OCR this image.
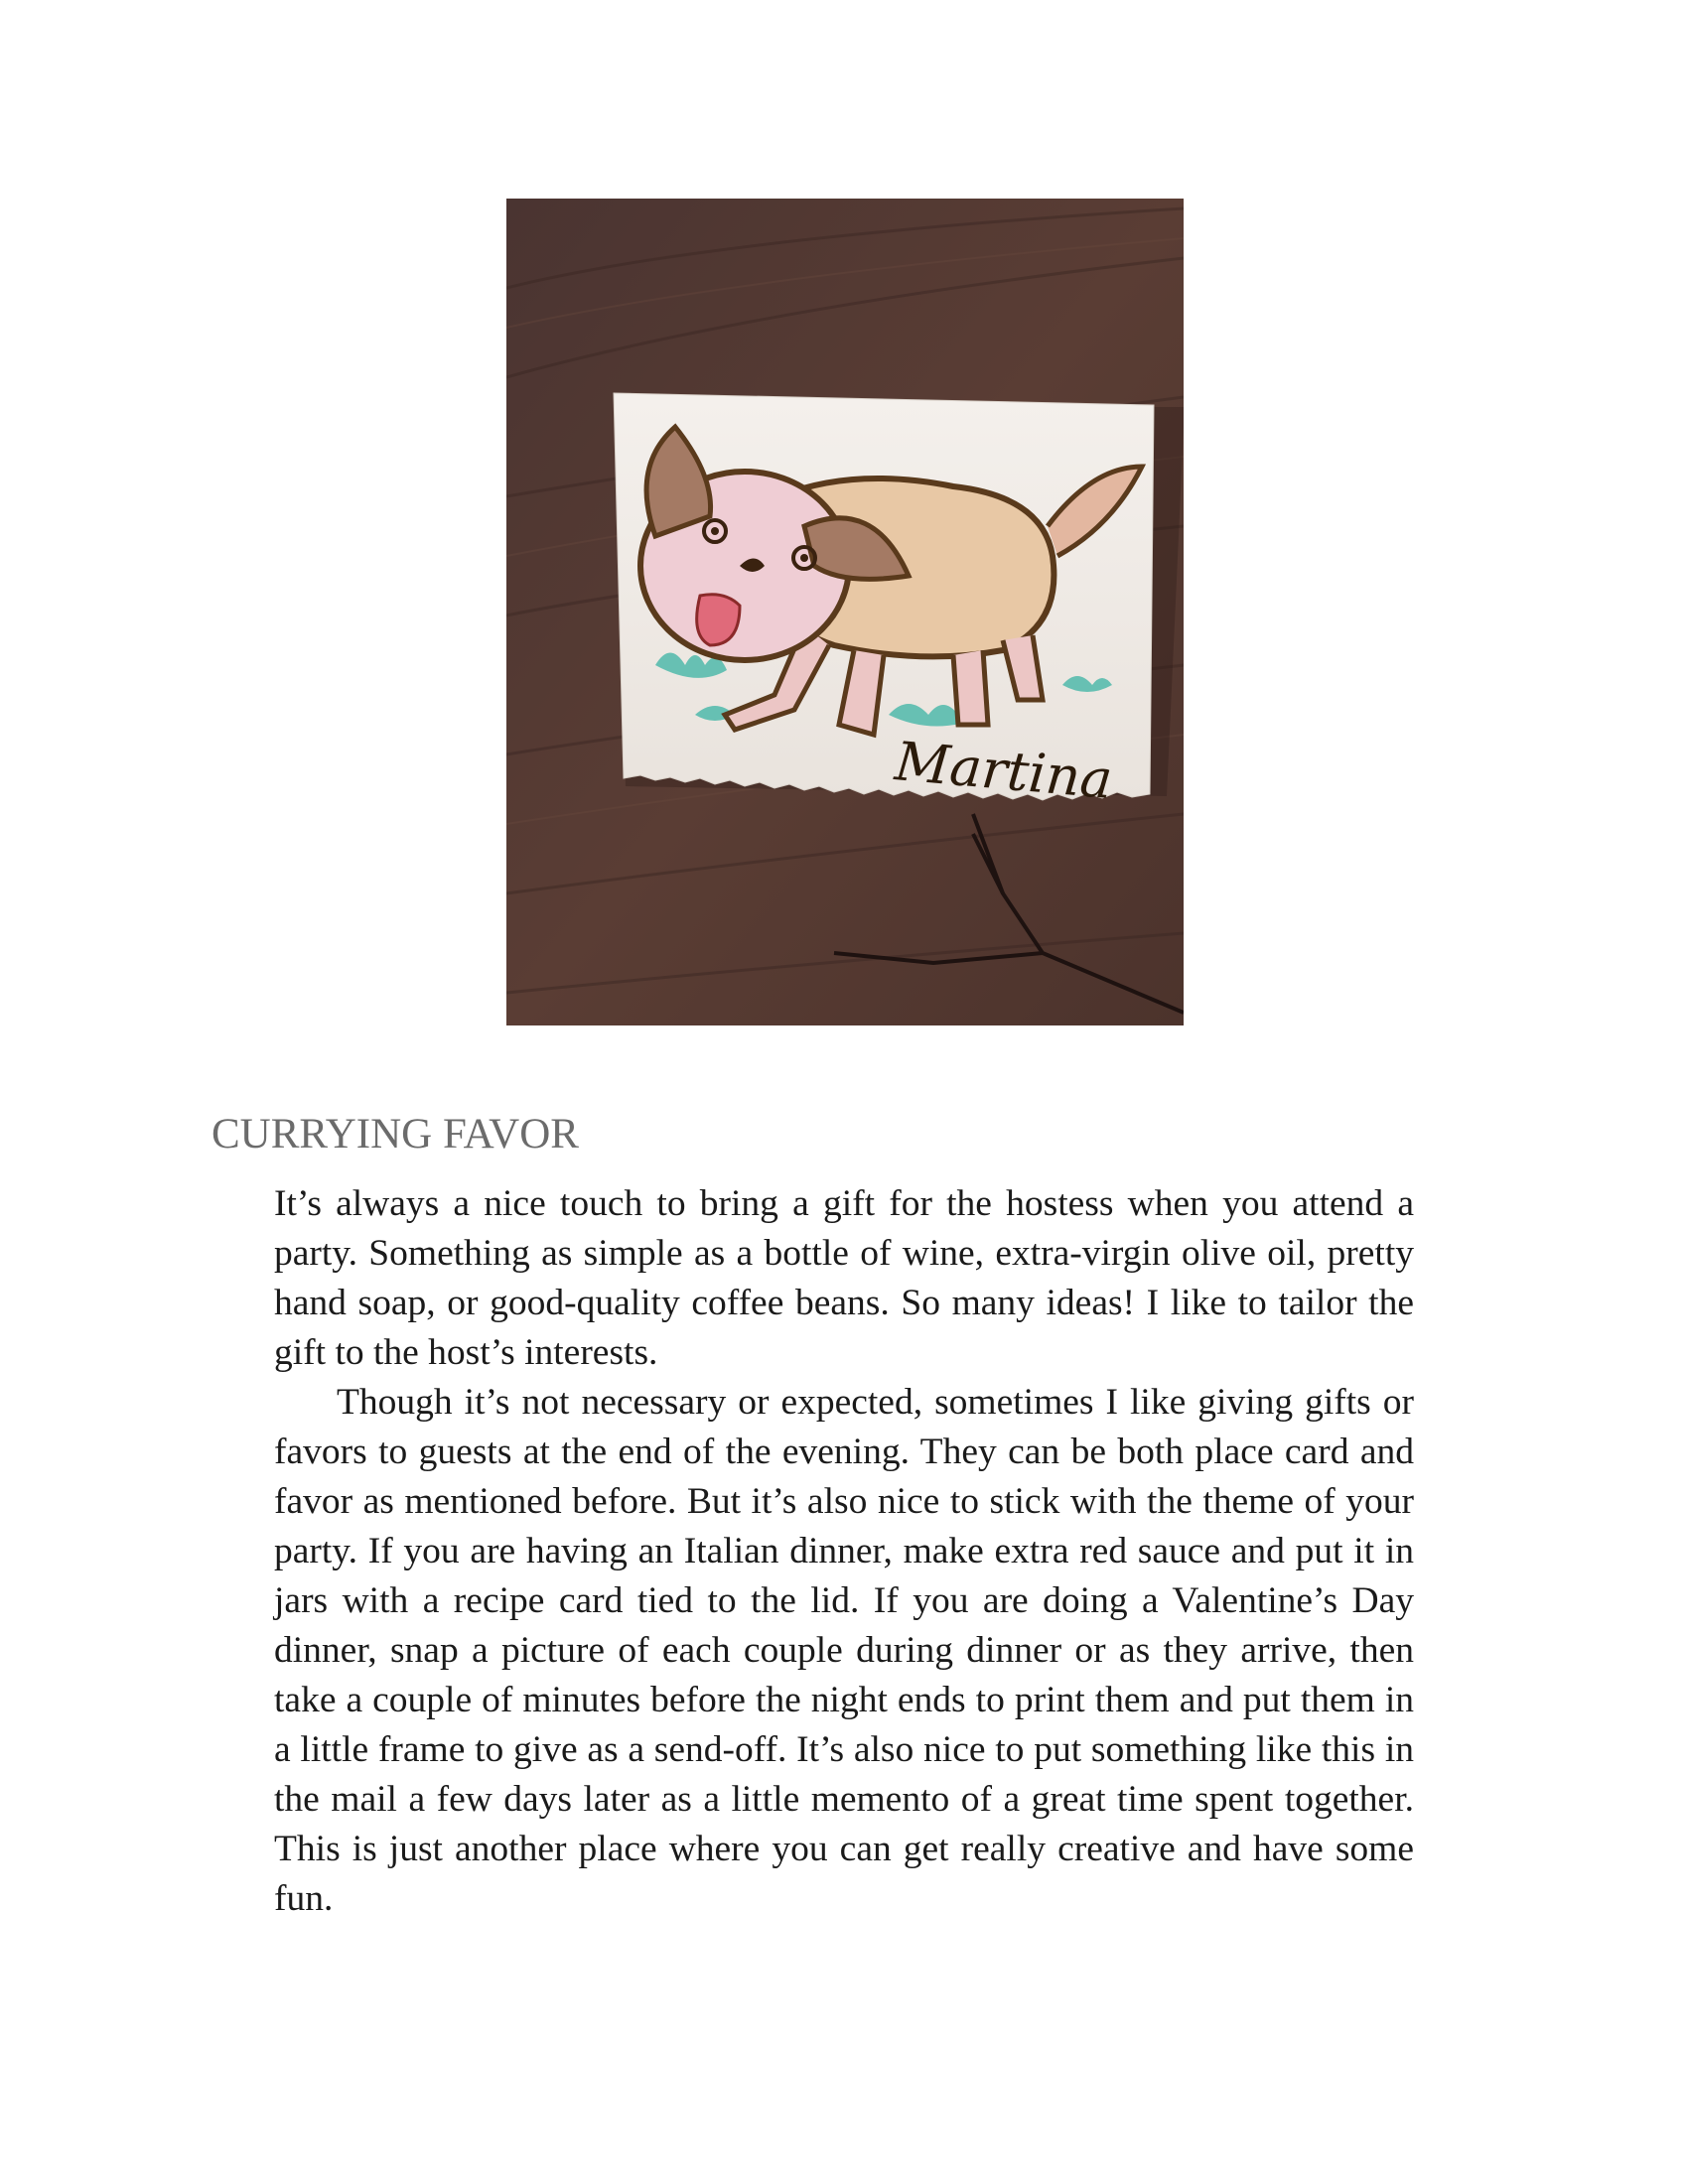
Martina
CURRYING FAVOR

It’s always a nice touch to bring a gift for the hostess when you attend a party. Something as simple as a bottle of wine, extra-virgin olive oil, pretty hand soap, or good-quality coffee beans. So many ideas! I like to tailor the gift to the host’s interests.

Though it’s not necessary or expected, sometimes I like giving gifts or favors to guests at the end of the evening. They can be both place card and favor as mentioned before. But it’s also nice to stick with the theme of your party. If you are having an Italian dinner, make extra red sauce and put it in jars with a recipe card tied to the lid. If you are doing a Valentine’s Day dinner, snap a picture of each couple during dinner or as they arrive, then take a couple of minutes before the night ends to print them and put them in a little frame to give as a send-off. It’s also nice to put something like this in the mail a few days later as a little memento of a great time spent together. This is just another place where you can get really creative and have some fun.
